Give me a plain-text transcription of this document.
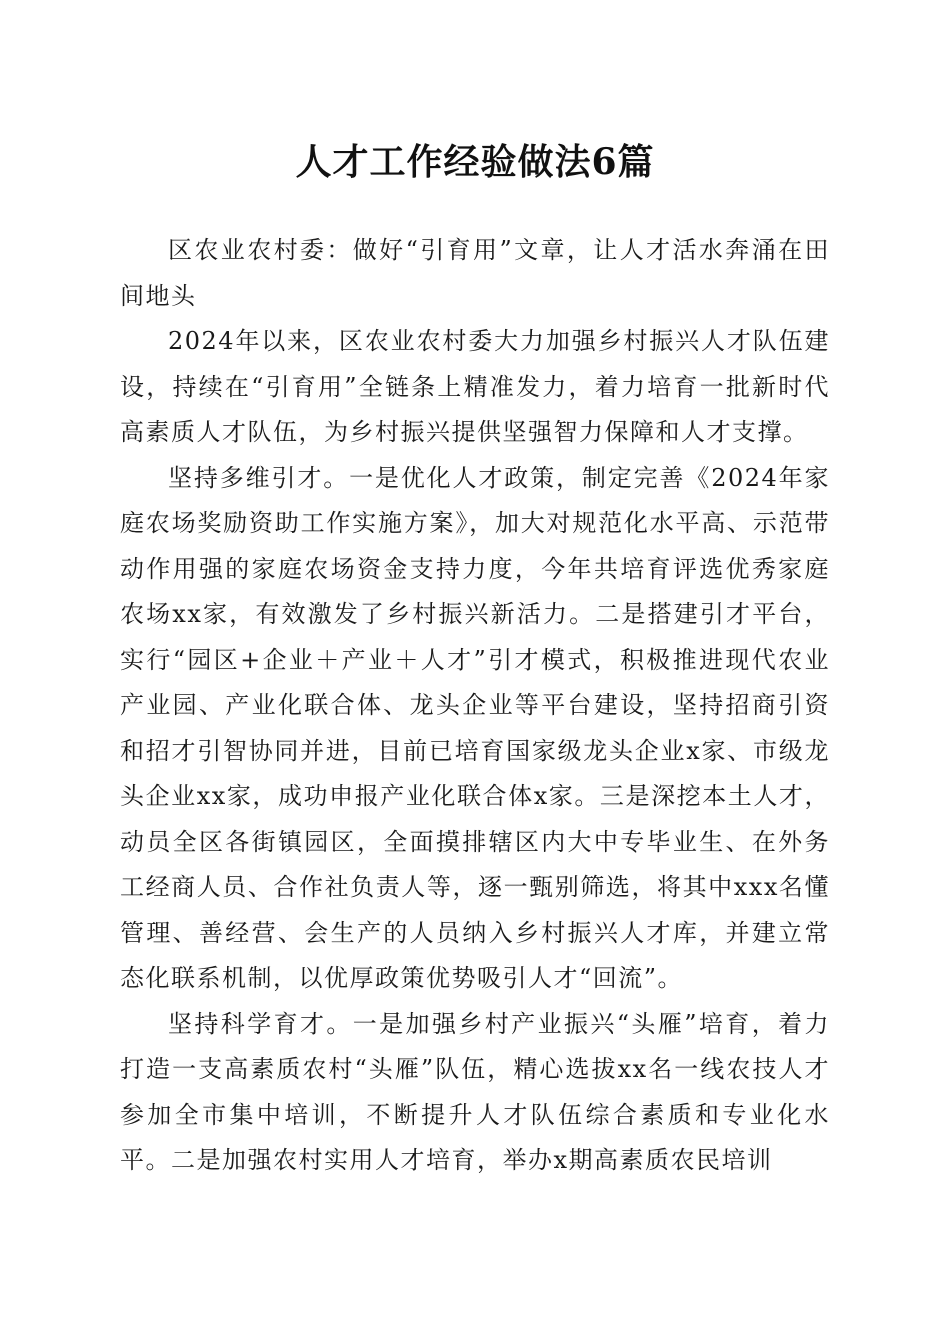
人才工作经验做法6篇

区农业农村委：做好“引育用”文章，让人才活水奔涌在田间地头

2024年以来，区农业农村委大力加强乡村振兴人才队伍建设，持续在“引育用”全链条上精准发力，着力培育一批新时代高素质人才队伍，为乡村振兴提供坚强智力保障和人才支撑。

坚持多维引才。一是优化人才政策，制定完善《2024年家庭农场奖励资助工作实施方案》，加大对规范化水平高、示范带动作用强的家庭农场资金支持力度，今年共培育评选优秀家庭农场xx家，有效激发了乡村振兴新活力。二是搭建引才平台，实行“园区+企业＋产业＋人才”引才模式，积极推进现代农业产业园、产业化联合体、龙头企业等平台建设，坚持招商引资和招才引智协同并进，目前已培育国家级龙头企业x家、市级龙头企业xx家，成功申报产业化联合体x家。三是深挖本土人才，动员全区各街镇园区，全面摸排辖区内大中专毕业生、在外务工经商人员、合作社负责人等，逐一甄别筛选，将其中xxx名懂管理、善经营、会生产的人员纳入乡村振兴人才库，并建立常态化联系机制，以优厚政策优势吸引人才“回流”。

坚持科学育才。一是加强乡村产业振兴“头雁”培育，着力打造一支高素质农村“头雁”队伍，精心选拔xx名一线农技人才参加全市集中培训，不断提升人才队伍综合素质和专业化水平。二是加强农村实用人才培育，举办x期高素质农民培训
